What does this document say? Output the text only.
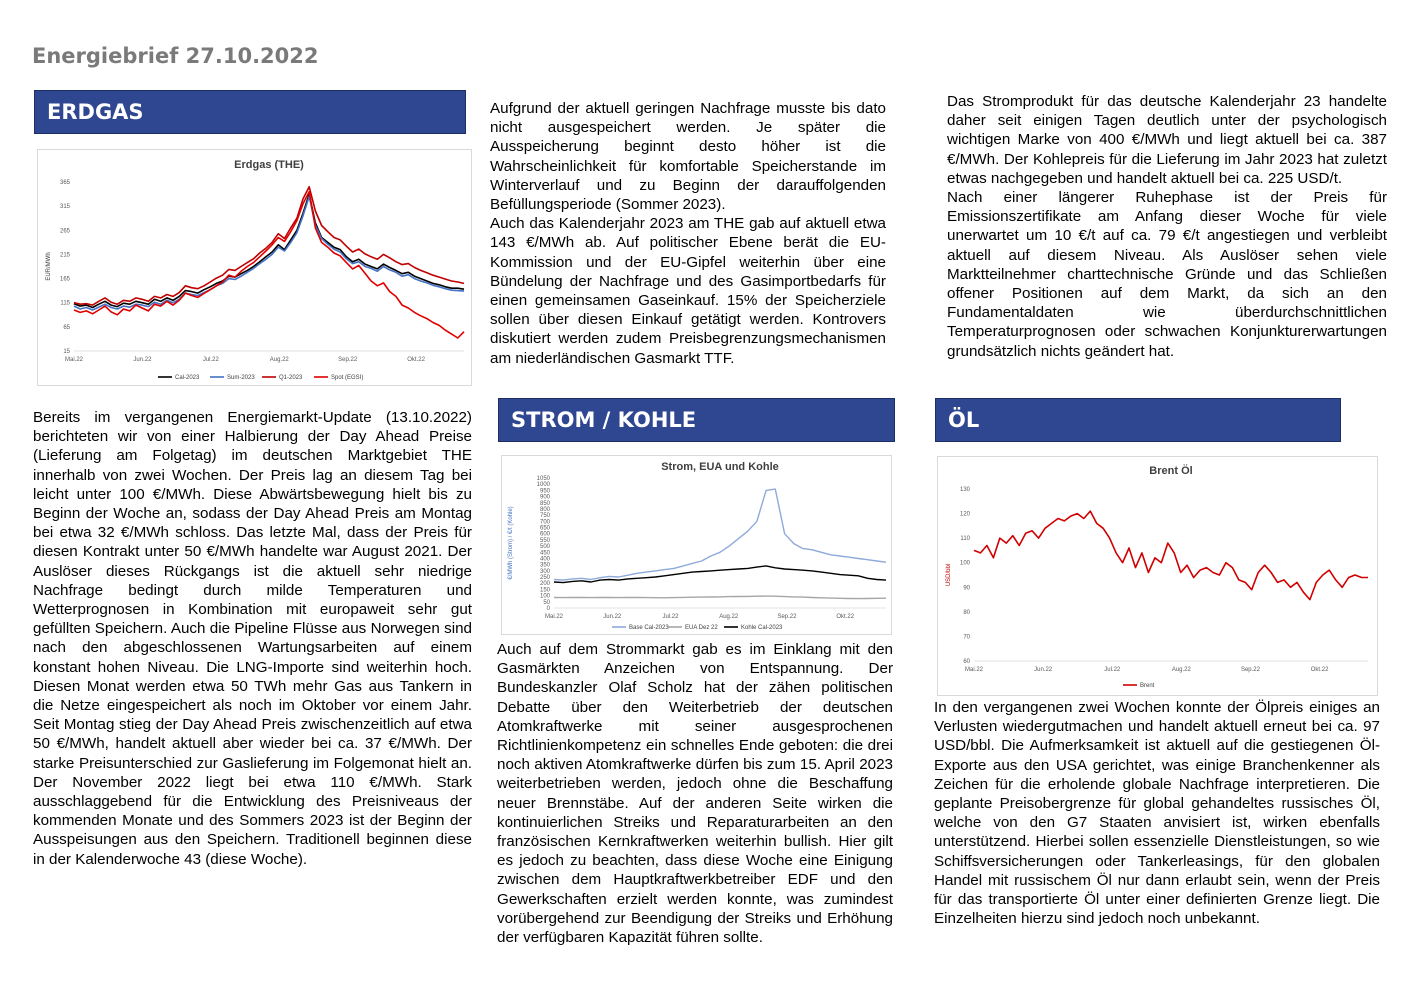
Energiebrief 27.10.2022
ERDGAS
Erdgas (THE)
15
65
115
165
215
265
315
365
EUR/MWh
Mai.22	Jun.22	Jul.22	Aug.22	Sep.22	Okt.22
Cal-2023	Sum-2023	Q1-2023	Spot (EGSI)

Bereits im vergangenen Energiemarkt-Update (13.10.2022) berichteten wir von einer Halbierung der Day Ahead Preise (Lieferung am Folgetag) im deutschen Marktgebiet THE innerhalb von zwei Wochen. Der Preis lag an diesem Tag bei leicht unter 100 €/MWh. Diese Abwärtsbewegung hielt bis zu Beginn der Woche an, sodass der Day Ahead Preis am Montag bei etwa 32 €/MWh schloss. Das letzte Mal, dass der Preis für diesen Kontrakt unter 50 €/MWh handelte war August 2021. Der Auslöser dieses Rückgangs ist die aktuell sehr niedrige Nachfrage bedingt durch milde Temperaturen und Wetterprognosen in Kombination mit europaweit sehr gut gefüllten Speichern. Auch die Pipeline Flüsse aus Norwegen sind nach den abgeschlossenen Wartungsarbeiten auf einem konstant hohen Niveau. Die LNG-Importe sind weiterhin hoch. Diesen Monat werden etwa 50 TWh mehr Gas aus Tankern in die Netze eingespeichert als noch im Oktober vor einem Jahr. Seit Montag stieg der Day Ahead Preis zwischenzeitlich auf etwa 50 €/MWh, handelt aktuell aber wieder bei ca. 37 €/MWh. Der starke Preisunterschied zur Gaslieferung im Folgemonat hielt an. Der November 2022 liegt bei etwa 110 €/MWh. Stark ausschlaggebend für die Entwicklung des Preisniveaus der kommenden Monate und des Sommers 2023 ist der Beginn der Ausspeisungen aus den Speichern. Traditionell beginnen diese in der Kalenderwoche 43 (diese Woche).

Aufgrund der aktuell geringen Nachfrage musste bis dato nicht ausgespeichert werden. Je später die Ausspeicherung beginnt desto höher ist die Wahrscheinlichkeit für komfortable Speicherstande im Winterverlauf und zu Beginn der darauffolgenden Befüllungsperiode (Sommer 2023).

Auch das Kalenderjahr 2023 am THE gab auf aktuell etwa 143 €/MWh ab. Auf politischer Ebene berät die EU-Kommission und der EU-Gipfel weiterhin über eine Bündelung der Nachfrage und des Gasimportbedarfs für einen gemeinsamen Gaseinkauf. 15% der Speicherziele sollen über diesen Einkauf getätigt werden. Kontrovers diskutiert werden zudem Preisbegrenzungsmechanismen am niederländischen Gasmarkt TTF.

STROM / KOHLE
Strom, EUA und Kohle
0
50
100
150
200
250
300
350
400
450
500
550
600
650
700
750
800
850
900
950
1000
1050
€/MWh (Strom) / €/t (Kohle)
Mai.22	Jun.22	Jul.22	Aug.22	Sep.22	Okt.22
Base Cal-2023	EUA Dez 22	Kohle Cal-2023

Auch auf dem Strommarkt gab es im Einklang mit den Gasmärkten Anzeichen von Entspannung. Der Bundeskanzler Olaf Scholz hat der zähen politischen Debatte über den Weiterbetrieb der deutschen Atomkraftwerke mit seiner ausgesprochenen Richtlinienkompetenz ein schnelles Ende geboten: die drei noch aktiven Atomkraftwerke dürfen bis zum 15. April 2023 weiterbetrieben werden, jedoch ohne die Beschaffung neuer Brennstäbe. Auf der anderen Seite wirken die kontinuierlichen Streiks und Reparaturarbeiten an den französischen Kernkraftwerken weiterhin bullish. Hier gilt es jedoch zu beachten, dass diese Woche eine Einigung zwischen dem Hauptkraftwerkbetreiber EDF und den Gewerkschaften erzielt werden konnte, was zumindest vorübergehend zur Beendigung der Streiks und Erhöhung der verfügbaren Kapazität führen sollte.

Das Stromprodukt für das deutsche Kalenderjahr 23 handelte daher seit einigen Tagen deutlich unter der psychologisch wichtigen Marke von 400 €/MWh und liegt aktuell bei ca. 387 €/MWh. Der Kohlepreis für die Lieferung im Jahr 2023 hat zuletzt etwas nachgegeben und handelt aktuell bei ca. 225 USD/t.

Nach einer längerer Ruhephase ist der Preis für Emissionszertifikate am Anfang dieser Woche für viele unerwartet um 10 €/t auf ca. 79 €/t angestiegen und verbleibt aktuell auf diesem Niveau. Als Auslöser sehen viele Marktteilnehmer charttechnische Gründe und das Schließen offener Positionen auf dem Markt, da sich an den Fundamentaldaten wie überdurchschnittlichen Temperaturprognosen oder schwachen Konjunkturerwartungen grundsätzlich nichts geändert hat.

ÖL
Brent Öl
60
70
80
90
100
110
120
130
USD/bbl
Mai.22	Jun.22	Jul.22	Aug.22	Sep.22	Okt.22
Brent

In den vergangenen zwei Wochen konnte der Ölpreis einiges an Verlusten wiedergutmachen und handelt aktuell erneut bei ca. 97 USD/bbl. Die Aufmerksamkeit ist aktuell auf die gestiegenen Öl-Exporte aus den USA gerichtet, was einige Branchenkenner als Zeichen für die erholende globale Nachfrage interpretieren. Die geplante Preisobergrenze für global gehandeltes russisches Öl, welche von den G7 Staaten anvisiert ist, wirken ebenfalls unterstützend. Hierbei sollen essenzielle Dienstleistungen, so wie Schiffsversicherungen oder Tankerleasings, für den globalen Handel mit russischem Öl nur dann erlaubt sein, wenn der Preis für das transportierte Öl unter einer definierten Grenze liegt. Die Einzelheiten hierzu sind jedoch noch unbekannt.
